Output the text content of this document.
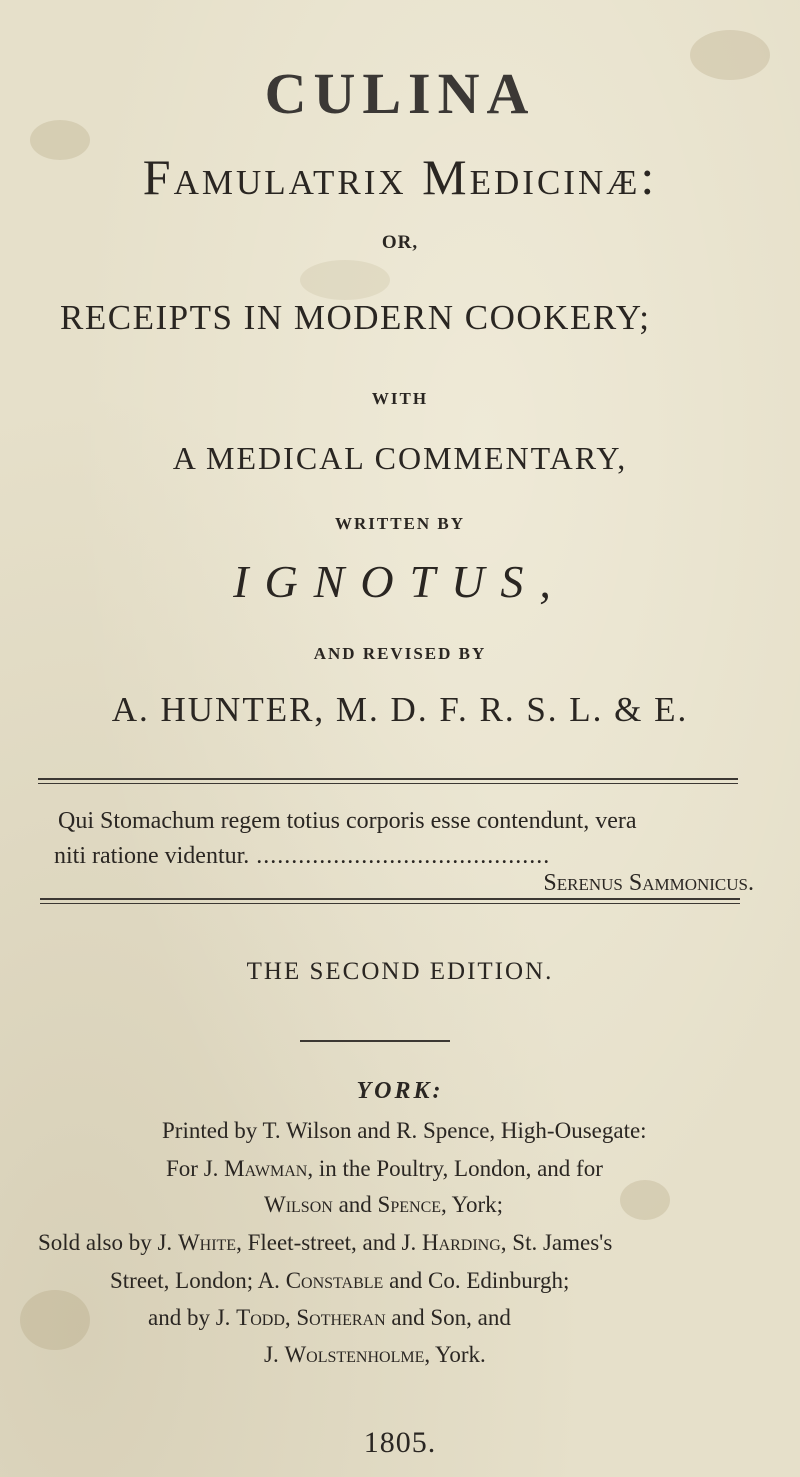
CULINA
Famulatrix Medicinæ:
OR,
RECEIPTS IN MODERN COOKERY;
WITH
A MEDICAL COMMENTARY,
WRITTEN BY
IGNOTUS,
AND REVISED BY
A. HUNTER, M. D. F. R. S. L. & E.
Qui Stomachum regem totius corporis esse contendunt, vera
niti ratione videntur. ..........................................
Serenus Sammonicus.
THE SECOND EDITION.
YORK:
Printed by T. Wilson and R. Spence, High-Ousegate:
For J. Mawman, in the Poultry, London, and for
Wilson and Spence, York;
Sold also by J. White, Fleet-street, and J. Harding, St. James's
Street, London; A. Constable and Co. Edinburgh;
and by J. Todd, Sotheran and Son, and
J. Wolstenholme, York.
1805.
